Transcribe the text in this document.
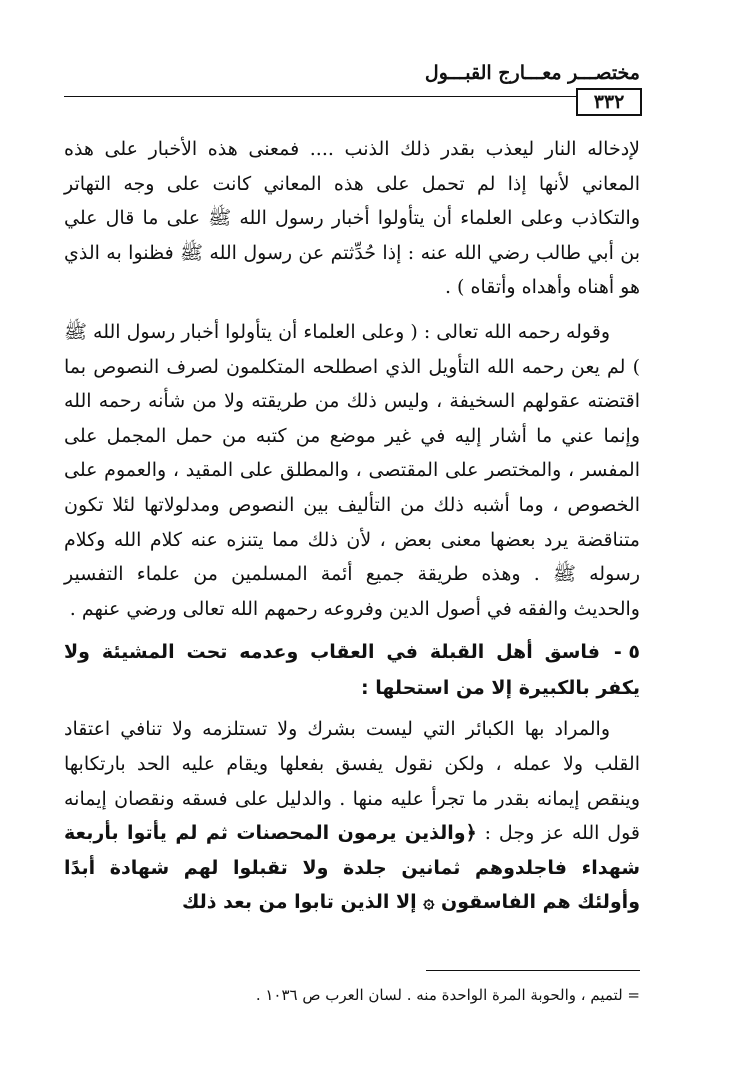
مختصـــر معـــارج القبـــول
٣٣٢

لإدخاله النار ليعذب بقدر ذلك الذنب .... فمعنى هذه الأخبار على هذه المعاني لأنها إذا لم تحمل على هذه المعاني كانت على وجه التهاتر والتكاذب وعلى العلماء أن يتأولوا أخبار رسول الله ﷺ على ما قال علي بن أبي طالب رضي الله عنه : إذا حُدِّثتم عن رسول الله ﷺ فظنوا به الذي هو أهناه وأهداه وأتقاه ) .

وقوله رحمه الله تعالى : ( وعلى العلماء أن يتأولوا أخبار رسول الله ﷺ ) لم يعن رحمه الله التأويل الذي اصطلحه المتكلمون لصرف النصوص بما اقتضته عقولهم السخيفة ، وليس ذلك من طريقته ولا من شأنه رحمه الله وإنما عني ما أشار إليه في غير موضع من كتبه من حمل المجمل على المفسر ، والمختصر على المقتصى ، والمطلق على المقيد ، والعموم على الخصوص ، وما أشبه ذلك من التأليف بين النصوص ومدلولاتها لئلا تكون متناقضة يرد بعضها معنى بعض ، لأن ذلك مما يتنزه عنه كلام الله وكلام رسوله ﷺ . وهذه طريقة جميع أئمة المسلمين من علماء التفسير والحديث والفقه في أصول الدين وفروعه رحمهم الله تعالى ورضي عنهم .

٥ -فاسق أهل القبلة في العقاب وعدمه تحت المشيئة ولا يكفر بالكبيرة إلا من استحلها :

والمراد بها الكبائر التي ليست بشرك ولا تستلزمه ولا تنافي اعتقاد القلب ولا عمله ، ولكن نقول يفسق بفعلها ويقام عليه الحد بارتكابها وينقص إيمانه بقدر ما تجرأ عليه منها . والدليل على فسقه ونقصان إيمانه قول الله عز وجل : ﴿والذين يرمون المحصنات ثم لم يأتوا بأربعة شهداء فاجلدوهم ثمانين جلدة ولا تقبلوا لهم شهادة أبدًا وأولئك هم الفاسقون ۞ إلا الذين تابوا من بعد ذلك

= لتميم ، والحوبة المرة الواحدة منه . لسان العرب ص ١٠٣٦ .
